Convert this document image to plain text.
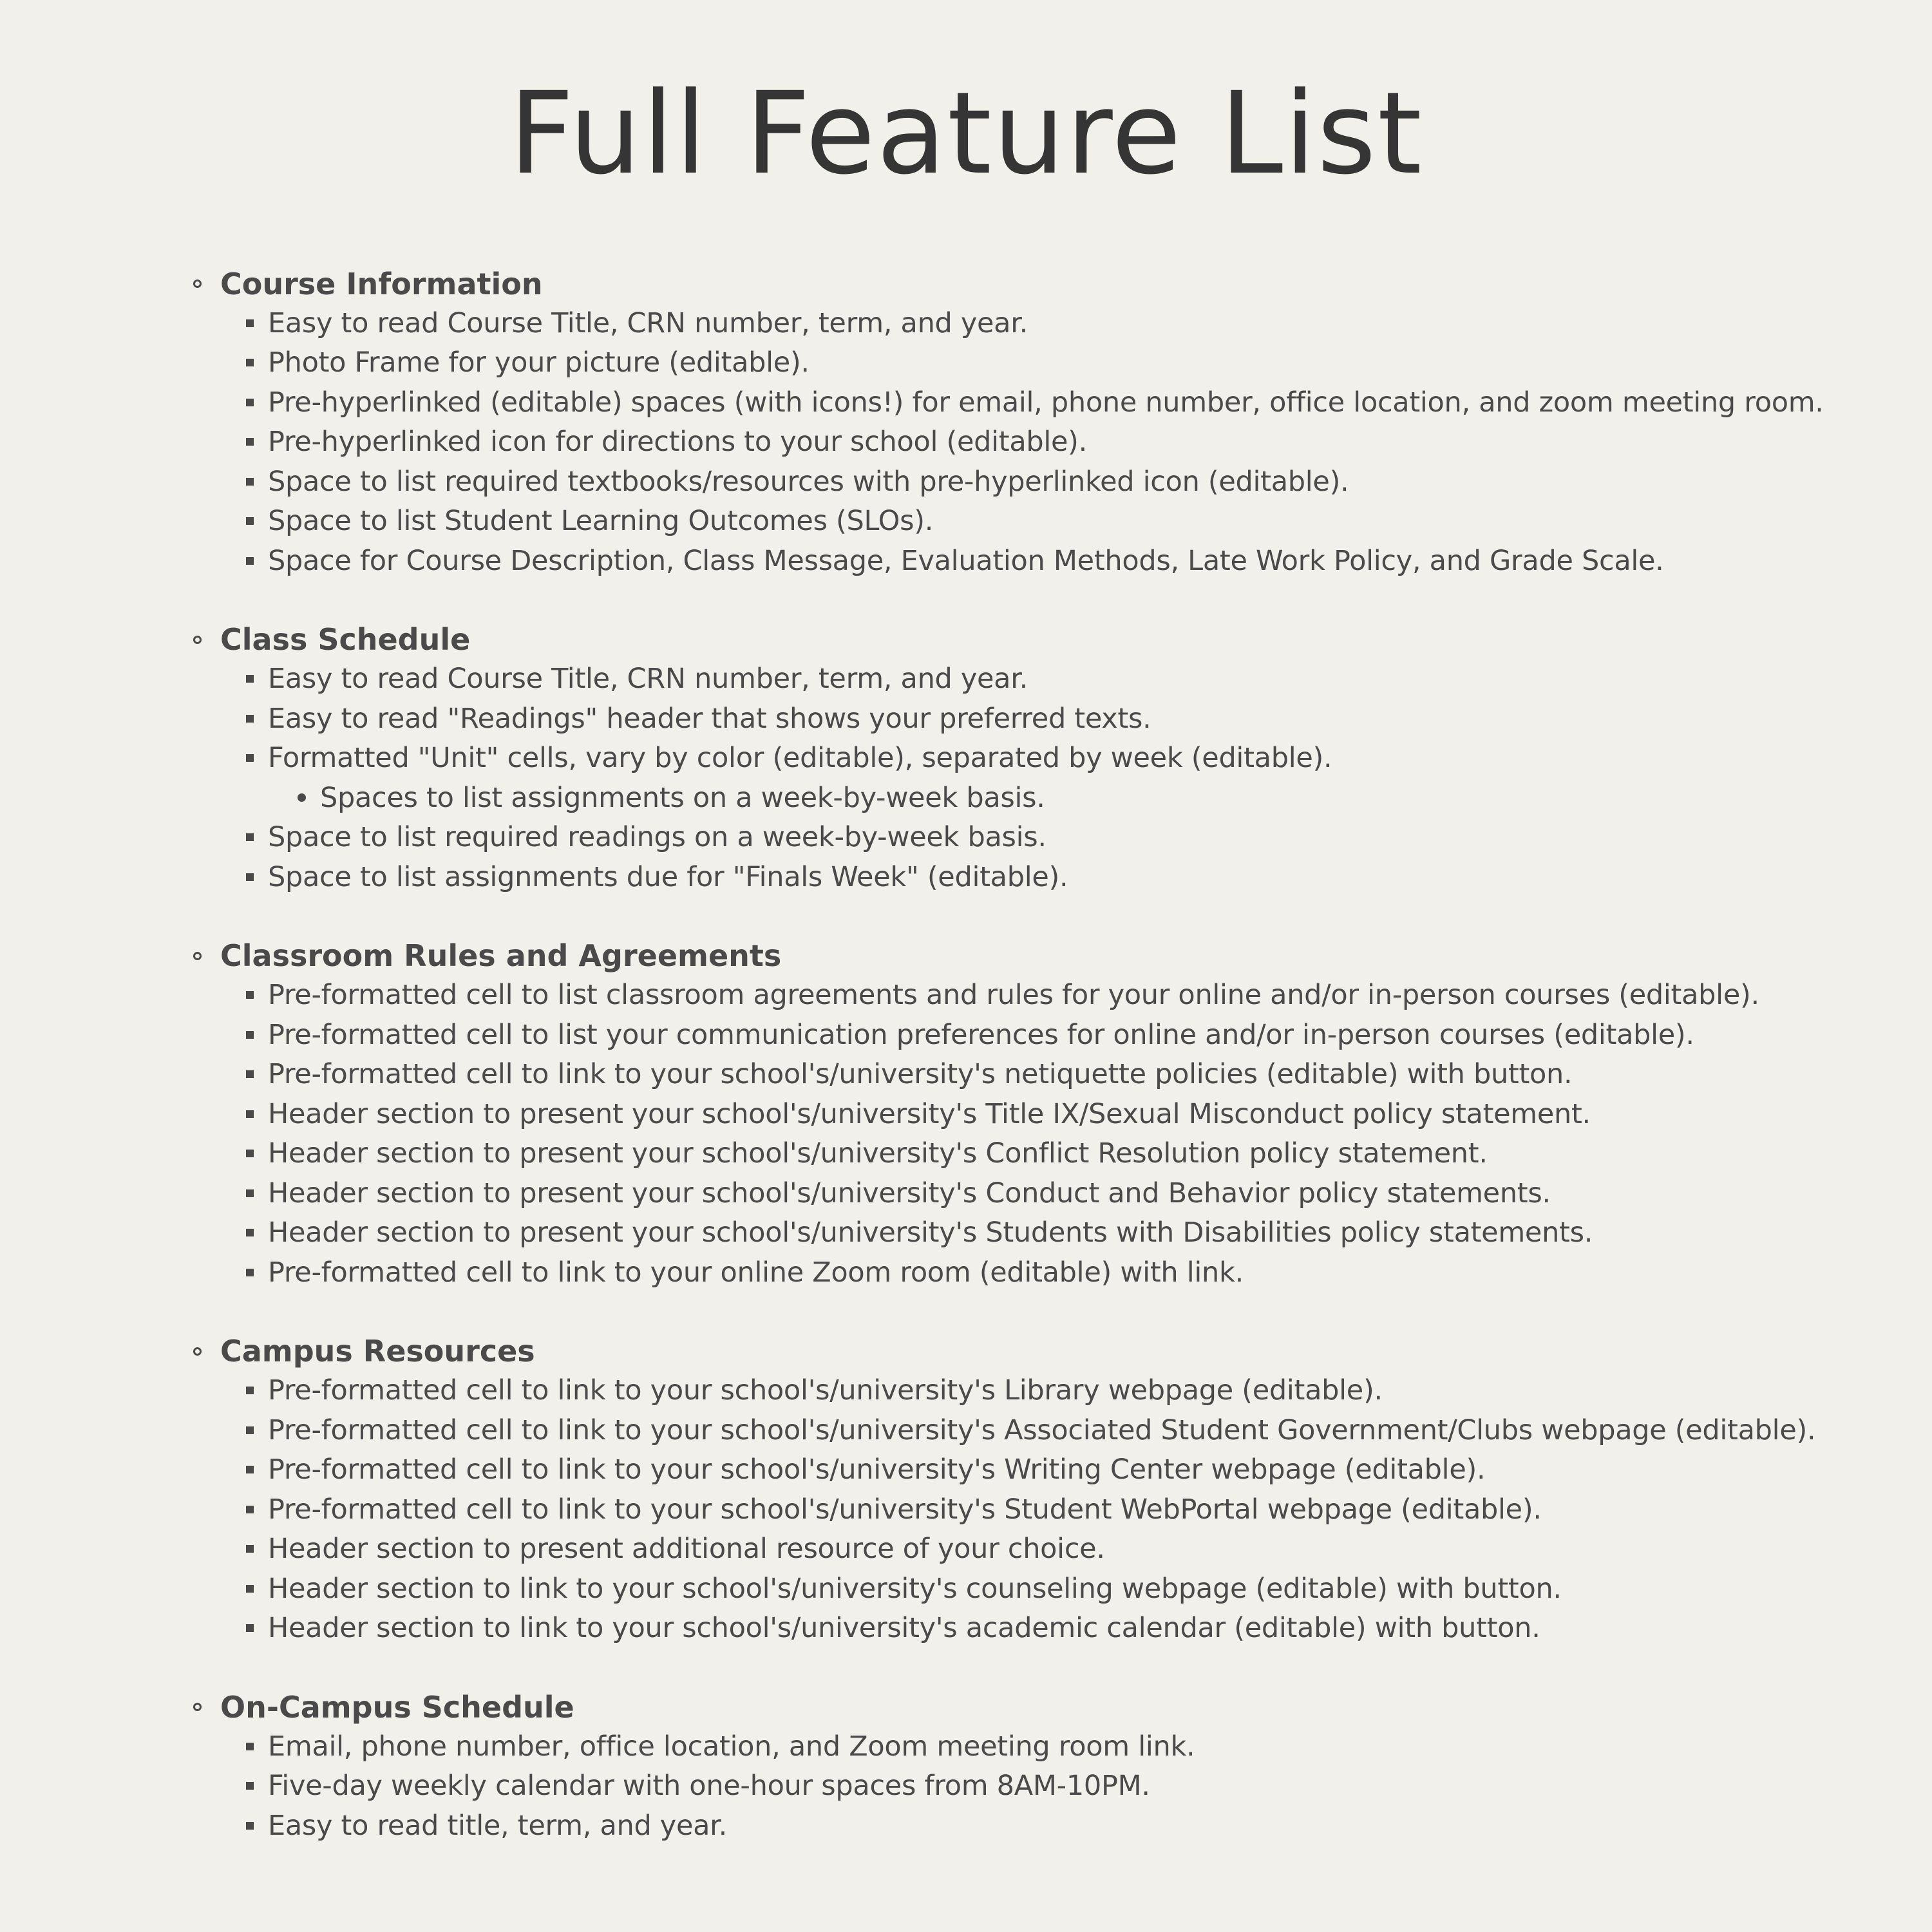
Full Feature List
Course Information
Easy to read Course Title, CRN number, term, and year.
Photo Frame for your picture (editable).
Pre-hyperlinked (editable) spaces (with icons!) for email, phone number, office location, and zoom meeting room.
Pre-hyperlinked icon for directions to your school (editable).
Space to list required textbooks/resources with pre-hyperlinked icon (editable).
Space to list Student Learning Outcomes (SLOs).
Space for Course Description, Class Message, Evaluation Methods, Late Work Policy, and Grade Scale.
Class Schedule
Easy to read Course Title, CRN number, term, and year.
Easy to read "Readings" header that shows your preferred texts.
Formatted "Unit" cells, vary by color (editable), separated by week (editable).
Spaces to list assignments on a week-by-week basis.
Space to list required readings on a week-by-week basis.
Space to list assignments due for "Finals Week" (editable).
Classroom Rules and Agreements
Pre-formatted cell to list classroom agreements and rules for your online and/or in-person courses (editable).
Pre-formatted cell to list your communication preferences for online and/or in-person courses (editable).
Pre-formatted cell to link to your school's/university's netiquette policies (editable) with button.
Header section to present your school's/university's Title IX/Sexual Misconduct policy statement.
Header section to present your school's/university's Conflict Resolution policy statement.
Header section to present your school's/university's Conduct and Behavior policy statements.
Header section to present your school's/university's Students with Disabilities policy statements.
Pre-formatted cell to link to your online Zoom room (editable) with link.
Campus Resources
Pre-formatted cell to link to your school's/university's Library webpage (editable).
Pre-formatted cell to link to your school's/university's Associated Student Government/Clubs webpage (editable).
Pre-formatted cell to link to your school's/university's Writing Center webpage (editable).
Pre-formatted cell to link to your school's/university's Student WebPortal webpage (editable).
Header section to present additional resource of your choice.
Header section to link to your school's/university's counseling webpage (editable) with button.
Header section to link to your school's/university's academic calendar (editable) with button.
On-Campus Schedule
Email, phone number, office location, and Zoom meeting room link.
Five-day weekly calendar with one-hour spaces from 8AM-10PM.
Easy to read title, term, and year.
